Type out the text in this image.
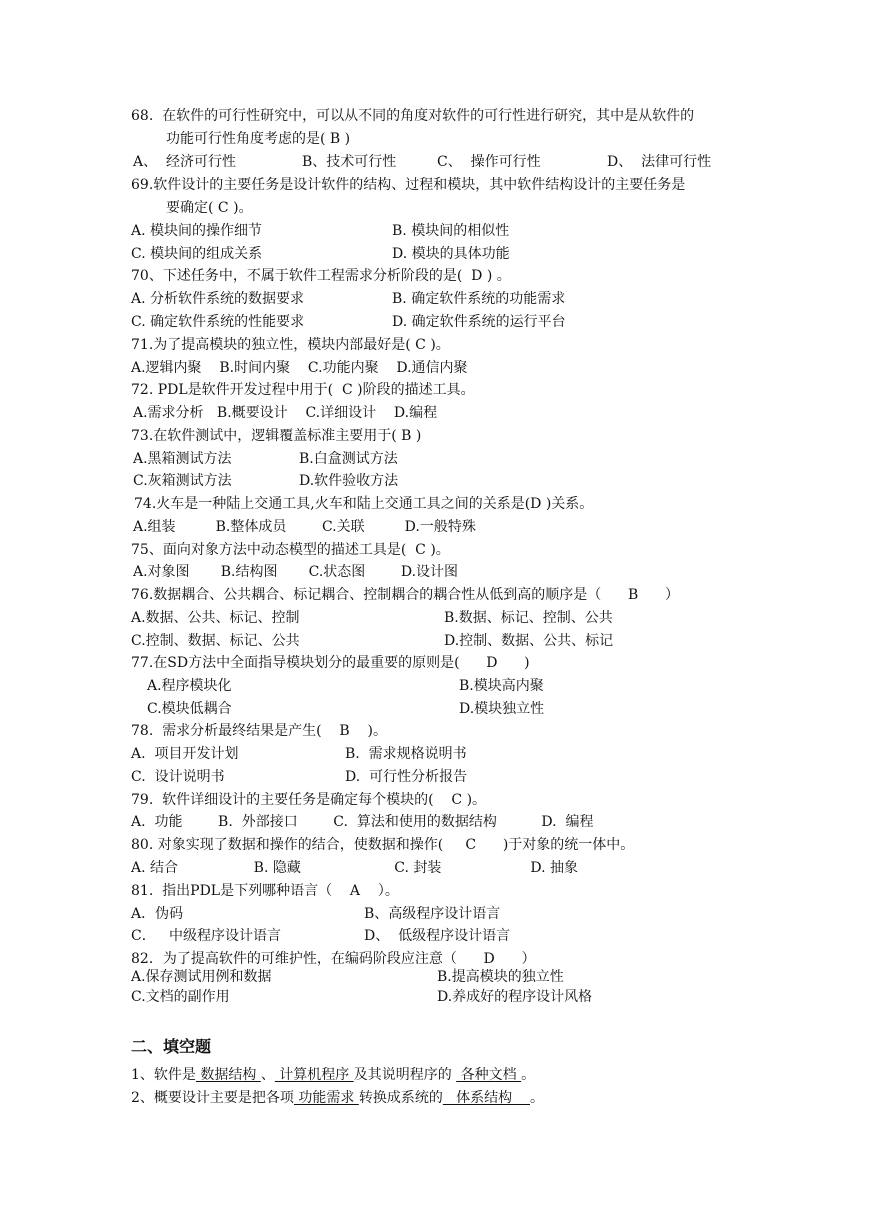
68.  在软件的可行性研究中，可以从不同的角度对软件的可行性进行研究，其中是从软件的
功能可行性角度考虑的是( B )
A、  经济可行性	B、技术可行性	C、  操作可行性	D、  法律可行性
69.软件设计的主要任务是设计软件的结构、过程和模块，其中软件结构设计的主要任务是
要确定( C )。
A. 模块间的操作细节	B. 模块间的相似性
C. 模块间的组成关系	D. 模块的具体功能
70、下述任务中，不属于软件工程需求分析阶段的是(  D ) 。
A. 分析软件系统的数据要求	B. 确定软件系统的功能需求
C. 确定软件系统的性能要求	D. 确定软件系统的运行平台
71.为了提高模块的独立性，模块内部最好是( C )。
A.逻辑内聚    B.时间内聚    C.功能内聚    D.通信内聚
72. PDL是软件开发过程中用于(  C )阶段的描述工具。
A.需求分析   B.概要设计    C.详细设计    D.编程
73.在软件测试中，逻辑覆盖标准主要用于( B )
A.黑箱测试方法	B.白盒测试方法
C.灰箱测试方法	D.软件验收方法
74.火车是一种陆上交通工具,火车和陆上交通工具之间的关系是(D )关系。
A.组装         B.整体成员        C.关联         D.一般特殊
75、面向对象方法中动态模型的描述工具是(  C )。
A.对象图       B.结构图       C.状态图        D.设计图
76.数据耦合、公共耦合、标记耦合、控制耦合的耦合性从低到高的顺序是（      B      ）
A.数据、公共、标记、控制	B.数据、标记、控制、公共
C.控制、数据、标记、公共	D.控制、数据、公共、标记
77.在SD方法中全面指导模块划分的最重要的原则是(      D      )
A.程序模块化	B.模块高内聚
C.模块低耦合	D.模块独立性
78.  需求分析最终结果是产生(    B    )。
A.  项目开发计划	B.  需求规格说明书
C.  设计说明书	D.  可行性分析报告
79.  软件详细设计的主要任务是确定每个模块的(    C )。
A.  功能        B.  外部接口        C.  算法和使用的数据结构          D.  编程
80. 对象实现了数据和操作的结合，使数据和操作(     C      )于对象的统一体中。
A. 结合                 B. 隐藏                     C. 封装                    D. 抽象
81.  指出PDL是下列哪种语言（    A    ）。
A．伪码	B、高级程序设计语言
C．   中级程序设计语言	D、  低级程序设计语言
82．为了提高软件的可维护性，在编码阶段应注意（      D      ）
A.保存测试用例和数据	B.提高模块的独立性
C.文档的副作用	D.养成好的程序设计风格
二、填空题
1、软件是 数据结构 、 计算机程序 及其说明程序的  各种文档 。
2、概要设计主要是把各项 功能需求 转换成系统的   体系结构    。
